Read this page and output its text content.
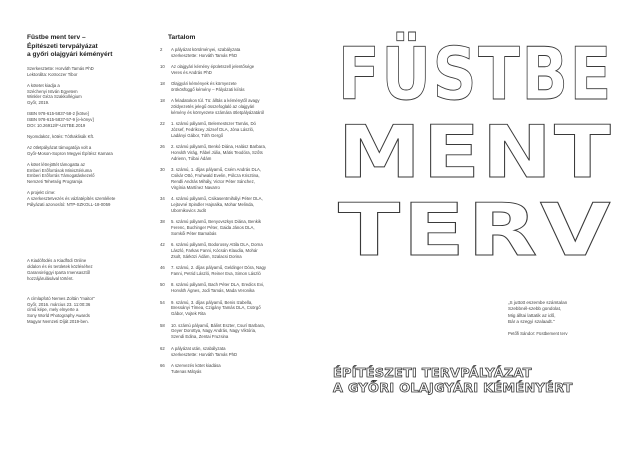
Füstbe ment terv –
Építészeti tervpályázat
a győri olajgyári kéményért
Szerkesztette: Horváth Tamás PhD
Lektorálta: Kotroczer Tibor
A kötetet kiadja a
Széchenyi István Egyetem
Winkler Géza Szakkollégium
Győr, 2019.
ISBN 978-615-5837-58-2 [kötve]
ISBN 978-615-5837-57-9 [e-könyv]
DOI: 10.26912/F-USTBE.2019
Nyomdaköz, kötés: Tóthaklisák Kft.
Az ötletpályázat támogatója volt a
Győr-Moson-Sopron Megyei Építész Kamara
A kötet létrejöttét támogatta az
Emberi Erőforrások Minisztériuma
Emberi Erőforrás Támogatáskezelő
Nemzeti Tehetség Programja
A projekt címe:
A szerkesztetvezés és vázlatépítés szemlélete
Pályázati azonosító: NTP-SZKOLL-18-0059
A Kiadófödés a Kiadfödi Online
oldalon és és területek közléséhez
Garansiréggyi Iparta Imensasztől
hozzájárulásával történt.
A címlapfotó Nemes Zoltán "maitor"
Győr, 2016. március 23. 11:00:36
című képe, mely elnyerte a
Sony World Photography Awards
Magyar Nemzeti Díját 2019-ben.
Tartalom
2	A pályázat körülményei, szabályzata
szerkesztette: Horváth Tamás PhD
10	Az olajgyári kémény épületszell jelentősége
Veres és András PhD
18	Olajgyári kémények és környezete
örökösfüggő kémény – Pályázati kiírás
18	A feladatokon túl. Tü: álltás a kéménytől avagy
zöldyezetés jelegű összefoglaló az olajgyári
kémény és környezete számára ötletpályázatáról
22	1. számú pályamű, Belemestszer Tamás, Dó
József, Fedrikcey József DLA, Jóna László,
Ladányi Gábor, Tóth Gergő
26	2. számú pályamű, Benkó Diána, Halász Barbara,
Horváth Virág, Fábel Júlia, Mátis Teodóra, Szőts
Adrienn, Tóbai Ádám
30	3. számú, 1. díjas pályamű, Csém András DLA,
Csikár Ottó, Fruhwald Evelin, Pólcza Krisztina,
Rendli András Mihály, Victor Péter Sánchez,
Virgínia Martínez Navarro
34	4. számú pályamű, Csikasentmihályi Péter DLA,
Lejtovné Spindler Hajnalka, Mohar Melinda,
Ubornikovics Judit
38	5. számú pályamű, Benyovszkys Diána, Benkik
Ferenc, Buchinger Péter, Gaida János DLA,
Somkői Péter Barnabás
42	6. számú pályamű, Bodorossy Attila DLA, Dorna
László, Farkas Fanni, Kócsán Klaudia, Mohár
Zsolt, Sárközi Ádám, Szalacsi Dorina
46	7. számú, 2. díjas pályamű, Geldinger Dóra, Nagy
Fanni, Petrid László, Reiner Eva, Simon László
50	8. számú pályamű, Bach Péter DLA, Eredics Evi,
Horváth Ágnes, Jodi Tamás, Mada Veronika
54	9. számú, 3. díjas pályamű, Benis Izabella,
Bressányi Tímea, Czigány Tamás DLA, Csörgő
Gábor, Vojtek Rita
58	10. számú pályamű, Bálint Eszter, Csurí Barbara,
Geyer Dorottya, Nagy András, Nagy Viktória,
Szendi Edina, Zentai Fruzsina
62	A pályázat után, szabályzata
szerkesztette: Horváth Tamás PhD
66	A szervezés kötet kiadása
Tutenas Mátyás
FÜSTBE
MENT
TERV
„S juttott eszembe számtalan
Szebbnél-szebb gondolat,
Mig álltai lattatik az idő,
Bár a szegyi szalaadt."
Petőfi Sándor: Füstbement terv
ÉPÍTÉSZETI TERVPÁLYÁZAT
A GYŐRI OLAJGYÁRI KÉMÉNYÉRT
